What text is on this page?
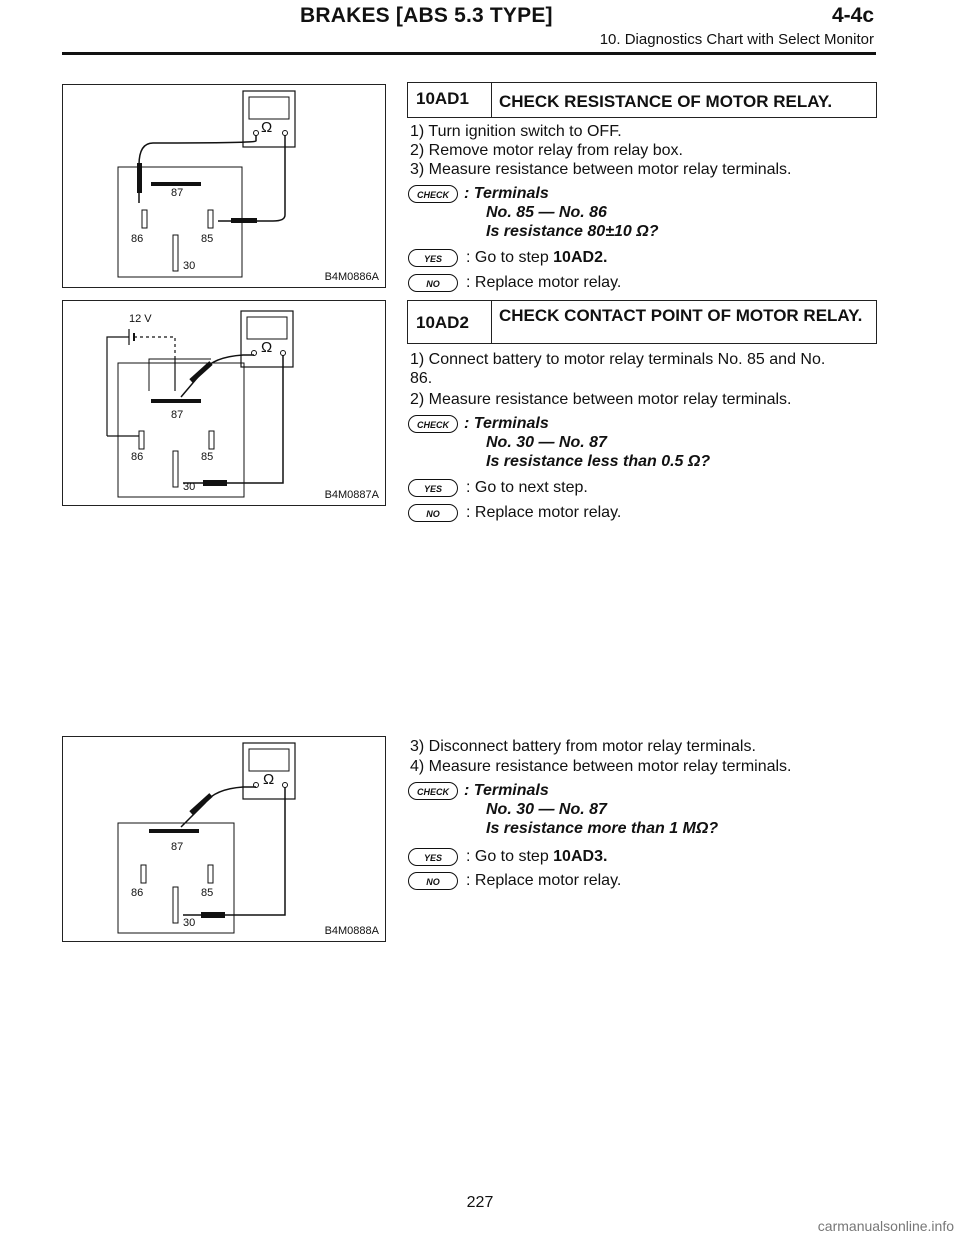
BRAKES [ABS 5.3 TYPE]	4-4c
10. Diagnostics Chart with Select Monitor
87
86	85
30
Ω
B4M0886A
12 V
87
86	85
30
Ω
B4M0887A
87
86	85
30
Ω
B4M0888A
10AD1	CHECK RESISTANCE OF MOTOR RELAY.
1) Turn ignition switch to OFF.
2) Remove motor relay from relay box.
3) Measure resistance between motor relay terminals.
CHECK : Terminals
No. 85 — No. 86
Is resistance 80±10 Ω?
YES	: Go to step 10AD2.
NO	: Replace motor relay.
10AD2	CHECK CONTACT POINT OF MOTOR RELAY.
1) Connect battery to motor relay terminals No. 85 and No.
86.
2) Measure resistance between motor relay terminals.
CHECK : Terminals
No. 30 — No. 87
Is resistance less than 0.5 Ω?
YES	: Go to next step.
NO	: Replace motor relay.
3) Disconnect battery from motor relay terminals.
4) Measure resistance between motor relay terminals.
CHECK : Terminals
No. 30 — No. 87
Is resistance more than 1 MΩ?
YES	: Go to step 10AD3.
NO	: Replace motor relay.
227
carmanualsonline.info
